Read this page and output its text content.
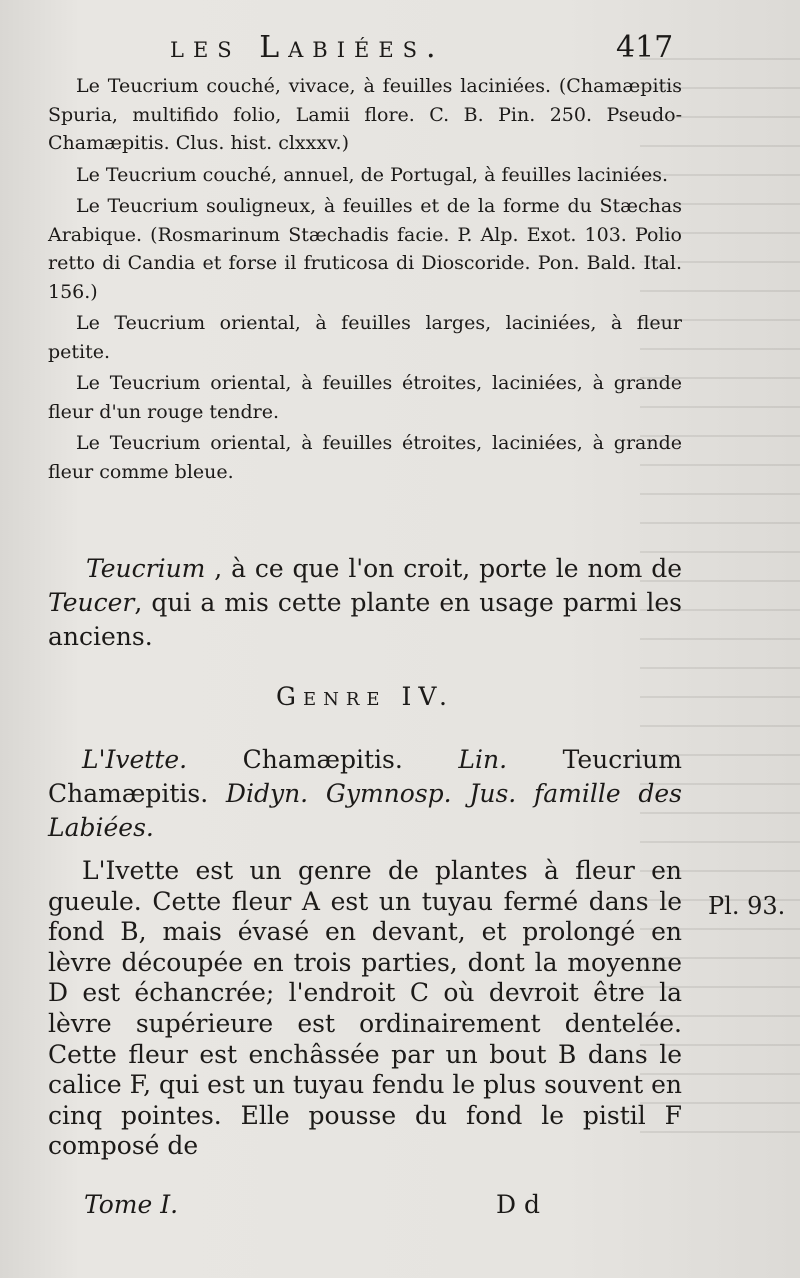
les Labiées.	417

Le Teucrium couché, vivace, à feuilles laciniées. (Chamæpitis Spuria, multifido folio, Lamii flore. C. B. Pin. 250. Pseudo-Chamæpitis. Clus. hist. clxxxv.)

Le Teucrium couché, annuel, de Portugal, à feuilles laciniées.

Le Teucrium souligneux, à feuilles et de la forme du Stæchas Arabique. (Rosmarinum Stæchadis facie. P. Alp. Exot. 103. Polio retto di Candia et forse il fruticosa di Dioscoride. Pon. Bald. Ital. 156.)

Le Teucrium oriental, à feuilles larges, laciniées, à fleur petite.

Le Teucrium oriental, à feuilles étroites, laciniées, à grande fleur d'un rouge tendre.

Le Teucrium oriental, à feuilles étroites, laciniées, à grande fleur comme bleue.

Teucrium , à ce que l'on croit, porte le nom de Teucer, qui a mis cette plante en usage parmi les anciens.

Genre IV.

L'Ivette. Chamæpitis. Lin. Teucrium Chamæpitis. Didyn. Gymnosp. Jus. famille des Labiées.

L'Ivette est un genre de plantes à fleur en gueule. Cette fleur A est un tuyau fermé dans le fond B, mais évasé en devant, et prolongé en lèvre découpée en trois parties, dont la moyenne D est échancrée; l'endroit C où devroit être la lèvre supérieure est ordinairement dentelée. Cette fleur est enchâssée par un bout B dans le calice F, qui est un tuyau fendu le plus souvent en cinq pointes. Elle pousse du fond le pistil F composé de

Pl. 93.
Tome I.	D d
